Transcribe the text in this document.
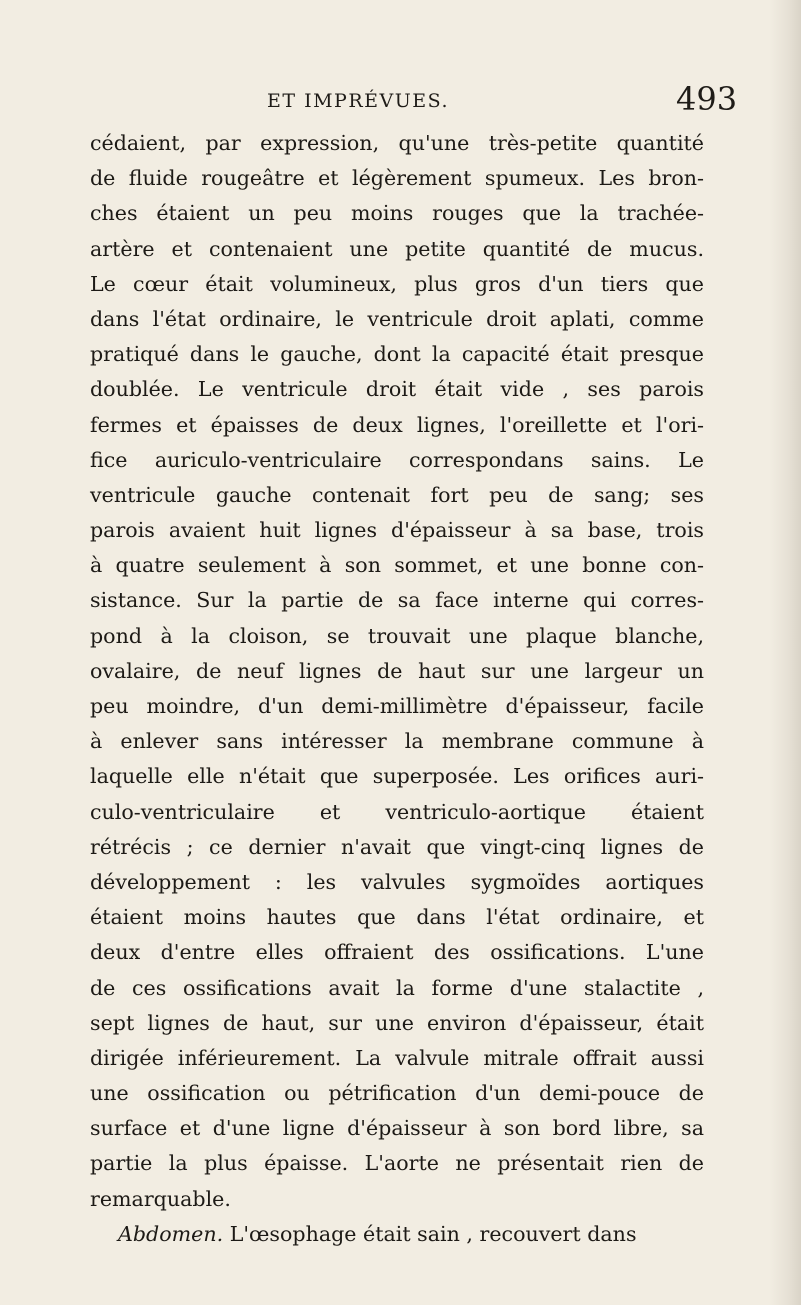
ET IMPRÉVUES.	493
cédaient, par expression, qu'une très-petite quantité
de fluide rougeâtre et légèrement spumeux. Les bron-
ches étaient un peu moins rouges que la trachée-
artère et contenaient une petite quantité de mucus.
Le cœur était volumineux, plus gros d'un tiers que
dans l'état ordinaire, le ventricule droit aplati, comme
pratiqué dans le gauche, dont la capacité était presque
doublée. Le ventricule droit était vide , ses parois
fermes et épaisses de deux lignes, l'oreillette et l'ori-
fice auriculo-ventriculaire correspondans sains. Le
ventricule gauche contenait fort peu de sang; ses
parois avaient huit lignes d'épaisseur à sa base, trois
à quatre seulement à son sommet, et une bonne con-
sistance. Sur la partie de sa face interne qui corres-
pond à la cloison, se trouvait une plaque blanche,
ovalaire, de neuf lignes de haut sur une largeur un
peu moindre, d'un demi-millimètre d'épaisseur, facile
à enlever sans intéresser la membrane commune à
laquelle elle n'était que superposée. Les orifices auri-
culo-ventriculaire et ventriculo-aortique étaient
rétrécis ; ce dernier n'avait que vingt-cinq lignes de
développement : les valvules sygmoïdes aortiques
étaient moins hautes que dans l'état ordinaire, et
deux d'entre elles offraient des ossifications. L'une
de ces ossifications avait la forme d'une stalactite ,
sept lignes de haut, sur une environ d'épaisseur, était
dirigée inférieurement. La valvule mitrale offrait aussi
une ossification ou pétrification d'un demi-pouce de
surface et d'une ligne d'épaisseur à son bord libre, sa
partie la plus épaisse. L'aorte ne présentait rien de
remarquable.
Abdomen. L'œsophage était sain , recouvert dans
